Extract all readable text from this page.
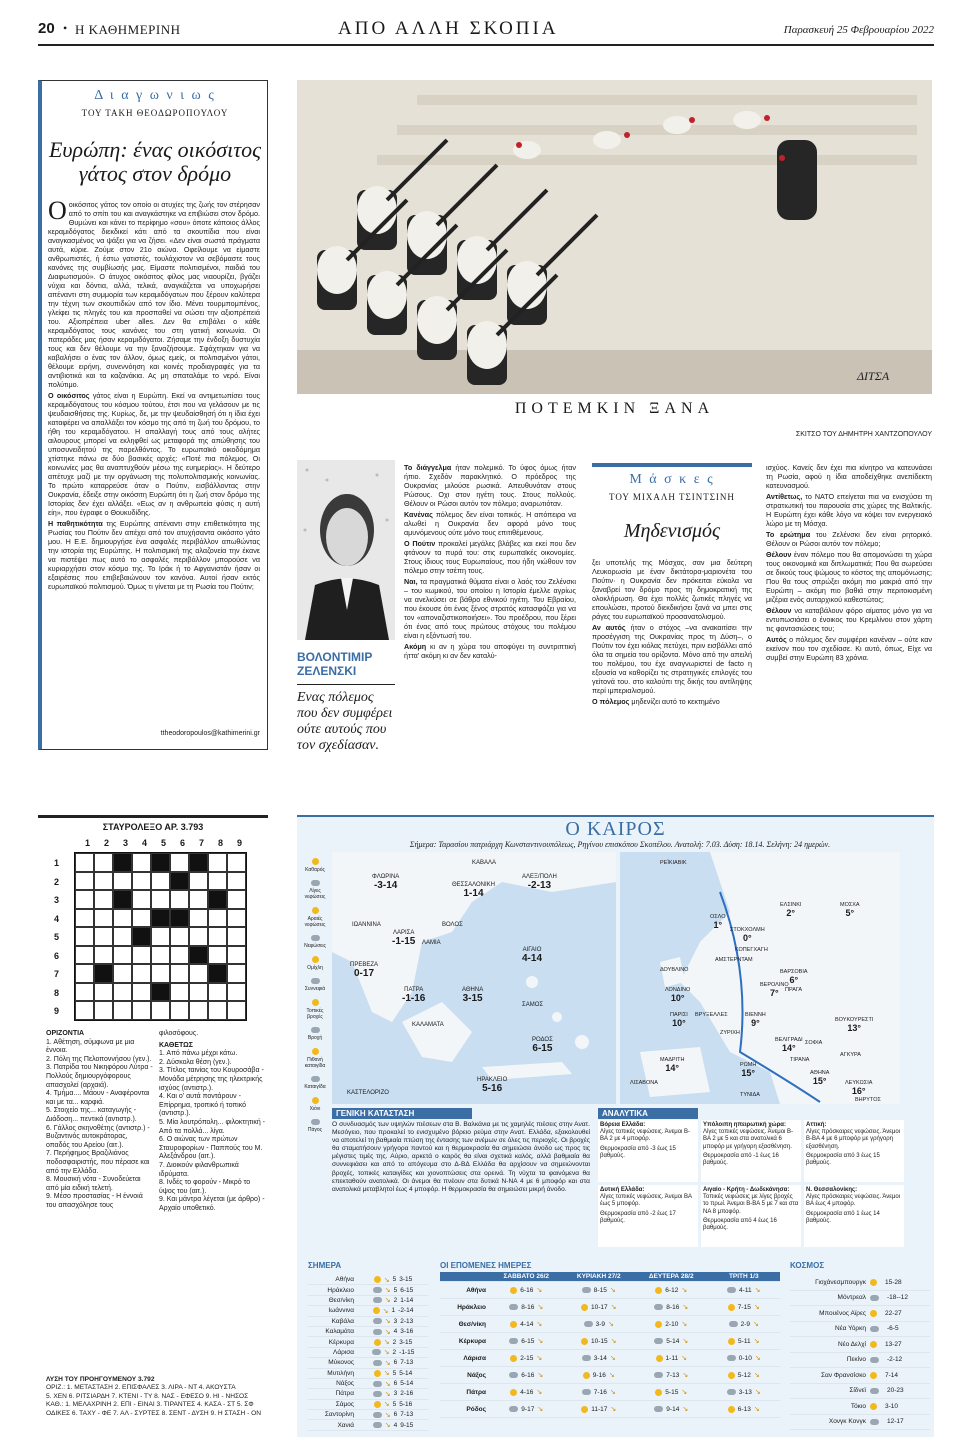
20 • Η ΚΑΘΗΜΕΡΙΝΗ	ΑΠΟ ΑΛΛΗ ΣΚΟΠΙΑ	Παρασκευή 25 Φεβρουαρίου 2022
Δ ι α γ ω ν ι ω ς
ΤΟΥ ΤΑΚΗ ΘΕΟΔΩΡΟΠΟΥΛΟΥ
Ευρώπη: ένας οικόσιτος
γάτος στον δρόμο

Oοικόσιτος γάτος τον οποίο οι ατυχίες της ζωής τον στέρησαν από το σπίτι του και αναγκάστηκε να επιβιώσει στον δρόμο. Θυμώνει και κάνει το περίφημο «σου» όποτε κάποιος άλλος κεραμιδόγατος διεκδικεί κάτι από τα σκουπίδια που είναι αναγκασμένος να ψάξει για να ζήσει. «Δεν είναι σωστά πράγματα αυτά, κύριε. Ζούμε στον 21ο αιώνα. Οφείλουμε να είμαστε ανθρωπιστές, ή έστω γατιστές, τουλάχιστον να σεβόμαστε τους κανόνες της συμβίωσής μας. Είμαστε πολιτισμένοι, παιδιά του Διαφωτισμού». Ο άτυχος οικόσιτος φίλος μας νιαουρίζει, βγάζει νύχια και δόντια, αλλά, τελικά, αναγκάζεται να υποχωρήσει απέναντι στη συμμορία των κεραμιδόγατων που ξέρουν καλύτερα την τέχνη των σκουπιδιών από τον ίδιο. Μένει τουρμπομπένος, γλείφει τις πληγές του και προσπαθεί να σώσει την αξιοπρέπειά του. Αξιοπρέπεια uber alles. Δεν θα επιβάλει ο κάθε κεραμιδόγατος τους κανόνες του στη γατική κοινωνία. Οι πατεράδες μας ήσαν κεραμιδόγατοι. Ζήσαμε την ένδοξη δυστυχία τους και δεν θέλουμε να την ξαναζήσουμε. Σφάχτηκαν για να καβαλήσει ο ένας τον άλλον, όμως εμείς, οι πολιτισμένοι γάτοι, θέλουμε ειρήνη, συνεννόηση και κοινές προδιαγραφές για τα αντιβιοτικά και τα καζανάκια. Ας μη σπαταλάμε το νερό. Είναι πολύτιμο.

Ο οικόσιτος γάτος είναι η Ευρώπη. Εκεί να αντιμετωπίσει τους κεραμιδόγατους του κόσμου τούτου, έτσι που να γελάσουν με τις ψευδαισθήσεις της. Κυρίως, δε, με την ψευδαίσθησή ότι η ίδια έχει καταφέρει να απαλλάξει τον κόσμο της από τη ζωή του δρόμου, το ήθη του κεραμιδόγατου. Η απαλλαγή τους από τους αλήτες αιλουρους μπορεί να εκληφθεί ως μεταφορά της απώθησης του υποσυνειδητού της παρελθόντος. Το ευρωπαϊκό οικοδόμημα χτίστηκε πάνω σε δύο βασικές αρχές: «Ποτέ πια πόλεμος. Οι κοινωνίες μας θα αναπτυχθούν μέσω της ευημερίας». Η δεύτερο απέτυχε μαζί με την οργάνωση της πολυπολιτισμικής κοινωνίας. Το πρώτο καταρρεύσε όταν ο Πούτιν, εισβάλλοντας στην Ουκρανία, έδειξε στην οικόσιτη Ευρώπη ότι η ζωή στον δρόμο της Ιστορίας δεν έχει αλλάξει. «Εως αν η ανθρωπεία φύσις η αυτή είη», που έγραφε ο Θουκυδίδης.

Η παθητικότητα της Ευρώπης απέναντι στην επιθετικότητα της Ρωσίας του Πούτιν δεν απέχει από τον ατυχήσαντα οικόσιτο γάτο μου. Η Ε.Ε. δημιουργήσε ένα ασφαλές περιβάλλον απωθώντας την ιστορία της Ευρώπης. Η πολιτισμική της αλαζονεία την έκανε να πιστέψει πως αυτό το ασφαλές περιβάλλον μπορούσε να κυριαρχήσει στον κόσμο της. Το Ιράκ ή το Αφγανιστάν ήσαν οι εξαιρέσεις που επιβεβαιώνουν τον κανόνα. Αυτοί ήσαν εκτός ευρωπαϊκού πολιτισμού. Όμως τι γίνεται με τη Ρωσία του Πούτιν;

ttheodoropoulos@kathimerini.gr
ΔΙΤΣΑ
ΠΟΤΕΜΚΙΝ ΞΑΝΑ
ΣΚΙΤΣΟ ΤΟΥ ΔΗΜΗΤΡΗ ΧΑΝΤΖΟΠΟΥΛΟΥ
ΒΟΛΟΝΤΙΜΙΡ
ΖΕΛΕΝΣΚΙ
Ενας πόλεμος που δεν συμφέρει ούτε αυτούς που τον σχεδίασαν.

Το διάγγελμα ήταν πολεμικό. Το ύφος όμως ήταν ήπιο. Σχεδόν παρακλητικό. Ο πρόεδρος της Ουκρανίας μιλούσε ρωσικά. Απευθυνόταν στους Ρώσους. Οχι στον ηγέτη τους. Στους πολλούς. Θέλουν οι Ρώσοι αυτόν τον πόλεμο; αναρωτιόταν.

Κανένας πόλεμος δεν είναι τοπικός. Η απόπειρα να αλωθεί η Ουκρανία δεν αφορά μόνο τους αμυνόμενους ούτε μόνο τους επιτιθέμενους.

Ο Πούτιν προκαλεί μεγάλες βλάβες και εκεί που δεν φτάνουν τα πυρά του: στις ευρωπαϊκές οικονομίες. Στους ίδιους τους Ευρωπαίους, που ήδη νιώθουν τον πόλεμο στην τσέπη τους.

Ναι, τα πραγματικά θύματα είναι ο λαός του Ζελένσκι – του κωμικού, του οποίου η Ιστορία έμελλε αγρίως να ανελκύσει σε βάθρο εθνικού ηγέτη. Του Εβραίου, που έκουσε ότι ένας ξένος στρατός κατασφάζει για να τον «αποναζιστικοποιήσει». Του προέδρου, που ξέρει ότι ένας από τους πρώτους στόχους του πολέμου είναι η εξόντωσή του.

Ακόμη κι αν η χώρα του αποφύγει τη συντριπτική ήττα' ακόμη κι αν δεν καταλύ-

Μ ά σ κ ε ς
ΤΟΥ ΜΙΧΑΛΗ ΤΣΙΝΤΣΙΝΗ
Μηδενισμός

ξει υποτελής της Μόσχας, σαν μια δεύτερη Λευκορωσία με έναν δικτάτορα-μαριονέτα του Πούτιν· η Ουκρανία δεν πρόκειται εύκολα να ξαναβρεί τον δρόμο προς τη δημοκρατική της ολοκλήρωση. Θα έχει πολλές ζωτικές πληγές να επουλώσει, προτού διεκδικήσει ξανά να μπει στις ράγες του ευρωπαϊκού προσανατολισμού.

Αν αυτός ήταν ο στόχος –να ανακαιτίσει την προσέγγιση της Ουκρανίας προς τη Δύση–, ο Πούτιν τον έχει κιόλας πετύχει, πριν εισβάλλει από όλα τα σημεία του ορίζοντα. Μόνο από την απειλή του πολέμου, του έχε αναγνωριστεί de facto η εξουσία να καθορίζει τις στρατηγικές επιλογές του γείτονά του. στο καλούπι της δικής του αντίληψης περί ιμπεριαλισμού.

Ο πόλεμος μηδενίζει αυτό το κεκτημένο

ισχύος. Κανείς δεν έχει πια κίνητρο να κατευνάσει τη Ρωσία, αφού η ίδια αποδείχθηκε ανεπίδεκτη κατευνασμού.

Αντίθετως, το ΝΑΤΟ επείγεται πια να ενισχύσει τη στρατιωτική του παρουσία στις χώρες της Βαλτικής. Η Ευρώπη έχει κάθε λόγο να κόψει τον ενεργειακό λώρο με τη Μόσχα.

Το ερώτημα του Ζελένσκι δεν είναι ρητορικό. Θέλουν οι Ρώσοι αυτόν τον πόλεμο;

Θέλουν έναν πόλεμο που θα απομονώσει τη χώρα τους οικονομικά και διπλωματικά; Που θα σωρεύσει σε δικούς τους ψώμους το κόστος της απομόνωσης; Που θα τους σπρώξει ακόμη πιο μακριά από την Ευρώπη – ακόμη πιο βαθιά στην περιτοκισμένη μιζέρια ενός αυταρχικού καθεστώτος;

Θέλουν να καταβάλουν φόρο αίματος μόνο για να εντυπωσιάσει ο ένοικος του Κρεμλίνου στον χάρτη τις φαντασιώσεις του;

Αυτός ο πόλεμος δεν συμφέρει κανέναν – ούτε καν εκείνον που τον σχεδίασε. Κι αυτό, όπως, Είχε να συμβεί στην Ευρώπη 83 χρόνια.

ΣΤΑΥΡΟΛΕΞΟ ΑΡ. 3.793
1	2	3	4	5	6	7	8	9
1
2
3
4
5
6
7
8
9
ΟΡΙΖΟΝΤΙΑ
1. Αθέτηση, σύμφωνα με μια έννοια.
2. Πόλη της Πελοποννήσου (γεν.).
3. Πατρίδα του Νικηφόρου Λύτρα - Πολλούς δημιουργόφορους απασχολεί (αρχαιά).
4. Τμήμα.... Μάουν - Αναφέρονται και με τα... καρφιά.
5. Στοιχείο της... καταγωγής - Διάδοση... πεντικά (αντιστρ.).
6. Γάλλος σκηνοθέτης (αντιστρ.) - Βυζαντινός αυτοκράτορας, οπαδός του Αρείου (αιτ.).
7. Περήφημος Βραζιλιάνος ποδοσφαιριστής, που πέρασε και από την Ελλάδα.
8. Μουσική νότα - Συνοδεύεται από μία ειδική τελετή.
9. Μέσο προστασίας - Η έννοιά του απασχόλησε τους φιλοσόφους.
ΚΑΘΕΤΩΣ
1. Από πάνω μέχρι κάτω.
2. Δύσκολα θέση (γεν.).
3. Τίτλος ταινίας του Κουροσάβα - Μονάδα μέτρησης της ηλεκτρικής ισχύος (αντιστρ.).
4. Και ο' αυτά ποντάρουν - Επίρρημα, τροπικό ή τοπικό (αντιστρ.).
5. Μία λουτρόπολη... φιλοκτητική - Από τα πολλά... λίγα.
6. Ο αιώνας των πρώτων Σταυροφορίων - Παππούς του Μ. Αλεξάνδρου (αιτ.).
7. Διοικούν φιλανθρωπικά ιδρύματα.
8. Ινδές το φορούν - Μικρό το ύψος του (αιτ.).
9. Και μάντρα λέγεται (με άρθρο) - Αρχαίο υποθετικό.
ΛΥΣΗ ΤΟΥ ΠΡΟΗΓΟΥΜΕΝΟΥ 3.792
ΟΡΙΖ.: 1. ΜΕΤΑΣΤΑΣΗ 2. ΕΠΙΣΦΑΛΕΣ 3. ΛΙΡΑ - ΝΤ 4. ΑΚΟΥΣΤΑ
5. ΧΕΝ 6. ΡΙΤΣΙΑΡΔΗ 7. ΚΤΕΝΙ - ΤΥ 8. ΝΑΣ - ΕΦΕΣΟ 9. ΗΙ - ΝΗΣΟΣ
ΚΑΘ.: 1. ΜΕΛΑΧΡΙΝΗ 2. ΕΠΙ - ΕΙΝΑΙ 3. ΤΙΡΑΝΤΕΣ 4. ΚΑΣΑ - ΣΤ 5. ΣΦ
ΟΔΙΚΕΣ 6. ΤΑΧΥ - ΦΕ 7. ΑΛ - ΣΥΡΤΕΣ 8. ΣΕΝΤ - ΔΥΣΗ 9. Η ΣΤΑΣΗ - ON
Ο ΚΑΙΡΟΣ
Σήμερα: Ταρασίου πατριάρχη Κωνσταντινουπόλεως, Ρηγίνου επισκόπου Σκοπέλου. Ανατολή: 7.03. Δύση: 18.14. Σελήνη: 24 ημερών.
Καθαρός
Λίγες νεφώσεις
Αραιές νεφώσεις
Νεφώσεις
Ομίχλη
Συννεφιά
Τοπικές βροχές
Βροχή
Πιθανή καταιγίδα
Καταιγίδα
Χιόνι
Πάγος
ΦΛΩΡΙΝΑ
-3-14
ΚΑΒΑΛΑ
ΘΕΣΣΑΛΟΝΙΚΗ
1-14
ΑΛΕΞ/ΠΟΛΗ
-2-13
ΙΩΑΝΝΙΝΑ
ΛΑΡΙΣΑ
-1-15
ΒΟΛΟΣ
ΛΑΜΙΑ
ΠΡΕΒΕΖΑ
0-17
ΠΑΤΡΑ
-1-16
ΑΘΗΝΑ
3-15
ΣΑΜΟΣ
ΚΑΛΑΜΑΤΑ
ΡΟΔΟΣ
6-15
ΗΡΑΚΛΕΙΟ
5-16
ΚΑΣΤΕΛΟΡΙΖΟ
ΑΙΓΑΙΟ
4-14
ΡΕΪΚΙΑΒΙΚ
ΕΛΣΙΝΚΙ
2°
ΟΣΛΟ
1°	ΣΤΟΚΧΟΛΜΗ
0°
ΜΟΣΧΑ
5°
ΚΟΠΕΓΧΑΓΗ
ΔΟΥΒΛΙΝΟ
ΑΜΣΤΕΡΝΤΑΜ
ΒΑΡΣΟΒΙΑ
6°
ΛΟΝΔΙΝΟ
10°
ΒΡΥΞΕΛΛΕΣ
ΒΕΡΟΛΙΝΟ
7°	ΠΡΑΓΑ
ΠΑΡΙΣΙ
10°
ΒΙΕΝΝΗ
9°
ΖΥΡΙΧΗ
ΒΟΥΚΟΥΡΕΣΤΙ
13°
ΒΕΛΙΓΡΑΔΙ
14°	ΣΟΦΙΑ
ΜΑΔΡΙΤΗ
14°	ΡΩΜΗ
15°
ΤΙΡΑΝΑ
ΑΓΚΥΡΑ
ΛΙΣΑΒΟΝΑ
ΑΘΗΝΑ
15°	ΛΕΥΚΩΣΙΑ
16°
ΤΥΝΙΔΑ
ΒΗΡΥΤΟΣ
ΓΕΝΙΚΗ ΚΑΤΑΣΤΑΣΗ
Ο συνδυασμός των υψηλών πιέσεων στα Β. Βαλκάνια με τις χαμηλές πιέσεις στην Ανατ. Μεσόγειο, που προκαλεί το ενισχυμένο βόρειο ρεύμα στην Ανατ. Ελλάδα, εξακολουθεί να αποτελεί τη βαθμιαία πτώση της έντασης των ανέμων σε όλες τις περιοχές. Οι βροχές θα σταματήσουν γρήγορα παντού και η θερμοκρασία θα σημειώσει άνοδο ως προς τις μέγιστες τιμές της. Αύριο, αρκετά ο καιρός θα είναι σχετικά καλός, αλλά βαθμιαία θα συννεφιάσει και από το απόγευμα στο Δ-ΒΔ Ελλάδα θα αρχίσουν να σημειώνονται βροχές, τοπικές καταιγίδες και χιονοπτώσεις στα ορεινά. Τη νύχτα τα φαινόμενα θα επεκταθούν ανατολικά. Οι άνεμοι θα πνέουν στα δυτικά Ν-ΝΑ 4 με 6 μποφόρ και στα ανατολικά μεταβλητοί έως 4 μποφόρ. Η θερμοκρασία θα σημειώσει μικρή άνοδο.
ΑΝΑΛΥΤΙΚΑ
Βόρεια Ελλάδα:
Λίγες τοπικές νεφώσεις. Άνεμοι Β-ΒΑ 2 με 4 μποφόρ.
Θερμοκρασία από -3 έως 15 βαθμούς.
Υπόλοιπη ηπειρωτική χώρα:
Λίγες τοπικές νεφώσεις. Άνεμοι Β-ΒΑ 2 με 5 και στα ανατολικά 6 μποφόρ με γρήγορη εξασθένηση.
Θερμοκρασία από -1 έως 16 βαθμούς.
Αττική:
Λίγες πρόσκαιρες νεφώσεις. Άνεμοι Β-ΒΑ 4 με 6 μποφόρ με γρήγορη εξασθένηση.
Θερμοκρασία από 3 έως 15 βαθμούς.
Δυτική Ελλάδα:
Λίγες τοπικές νεφώσεις. Άνεμοι ΒΑ έως 5 μποφόρ.
Θερμοκρασία από -2 έως 17 βαθμούς.
Αιγαίο - Κρήτη - Δωδεκάνησα:
Τοπικές νεφώσεις με λίγες βροχές το πρωί. Άνεμοι Β-ΒΑ 5 με 7 και στα ΝΑ 8 μποφόρ.
Θερμοκρασία από 4 έως 16 βαθμούς.
Ν. Θεσσαλονίκης:
Λίγες πρόσκαιρες νεφώσεις. Άνεμοι ΒΑ έως 4 μποφόρ.
Θερμοκρασία από 1 έως 14 βαθμούς.
ΣΗΜΕΡΑ
Αθήνα	↘ 5 3-15
Ηράκλειο	↘ 5 6-15
Θεσ/νίκη	↘ 2 1-14
Ιωάννινα	↘ 1 -2-14
Καβάλα	↘ 3 2-13
Καλαμάτα	↘ 4 3-16
Κέρκυρα	↘ 2 3-15
Λάρισα	↘ 2 -1-15
Μύκονος	↘ 6 7-13
Μυτιλήνη	↘ 5 5-14
Νάξος	↘ 6 5-14
Πάτρα	↘ 3 2-16
Σάμος	↘ 5 5-16
Σαντορίνη	↘ 6 7-13
Χανιά	↘ 4 9-15
ΟΙ ΕΠΟΜΕΝΕΣ ΗΜΕΡΕΣ
ΣΑΒΒΑΤΟ 26/2	ΚΥΡΙΑΚΗ 27/2	ΔΕΥΤΕΡΑ 28/2	ΤΡΙΤΗ 1/3
Αθήνα	6-16 ↘	8-15 ↘	6-12 ↘	4-11 ↘
Ηράκλειο	8-16 ↘	10-17 ↘	8-16 ↘	7-15 ↘
Θεσ/νίκη	4-14 ↘	3-9 ↘	2-10 ↘	2-9 ↘
Κέρκυρα	6-15 ↘	10-15 ↘	5-14 ↘	5-11 ↘
Λάρισα	2-15 ↘	3-14 ↘	1-11 ↘	0-10 ↘
Νάξος	6-16 ↘	9-16 ↘	7-13 ↘	5-12 ↘
Πάτρα	4-16 ↘	7-16 ↘	5-15 ↘	3-13 ↘
Ρόδος	9-17 ↘	11-17 ↘	9-14 ↘	6-13 ↘
ΚΟΣΜΟΣ
Γιοχάνεσμπουργκ	15-28
Μόντρεαλ	-18--12
Μπουένος Αϊρες	22-27
Νέα Υόρκη	-6-5
Νέο Δελχί	13-27
Πεκίνο	-2-12
Σαν Φρανσίσκο	7-14
Σίδνεϊ	20-23
Τόκιο	3-10
Χονγκ Κονγκ	12-17
